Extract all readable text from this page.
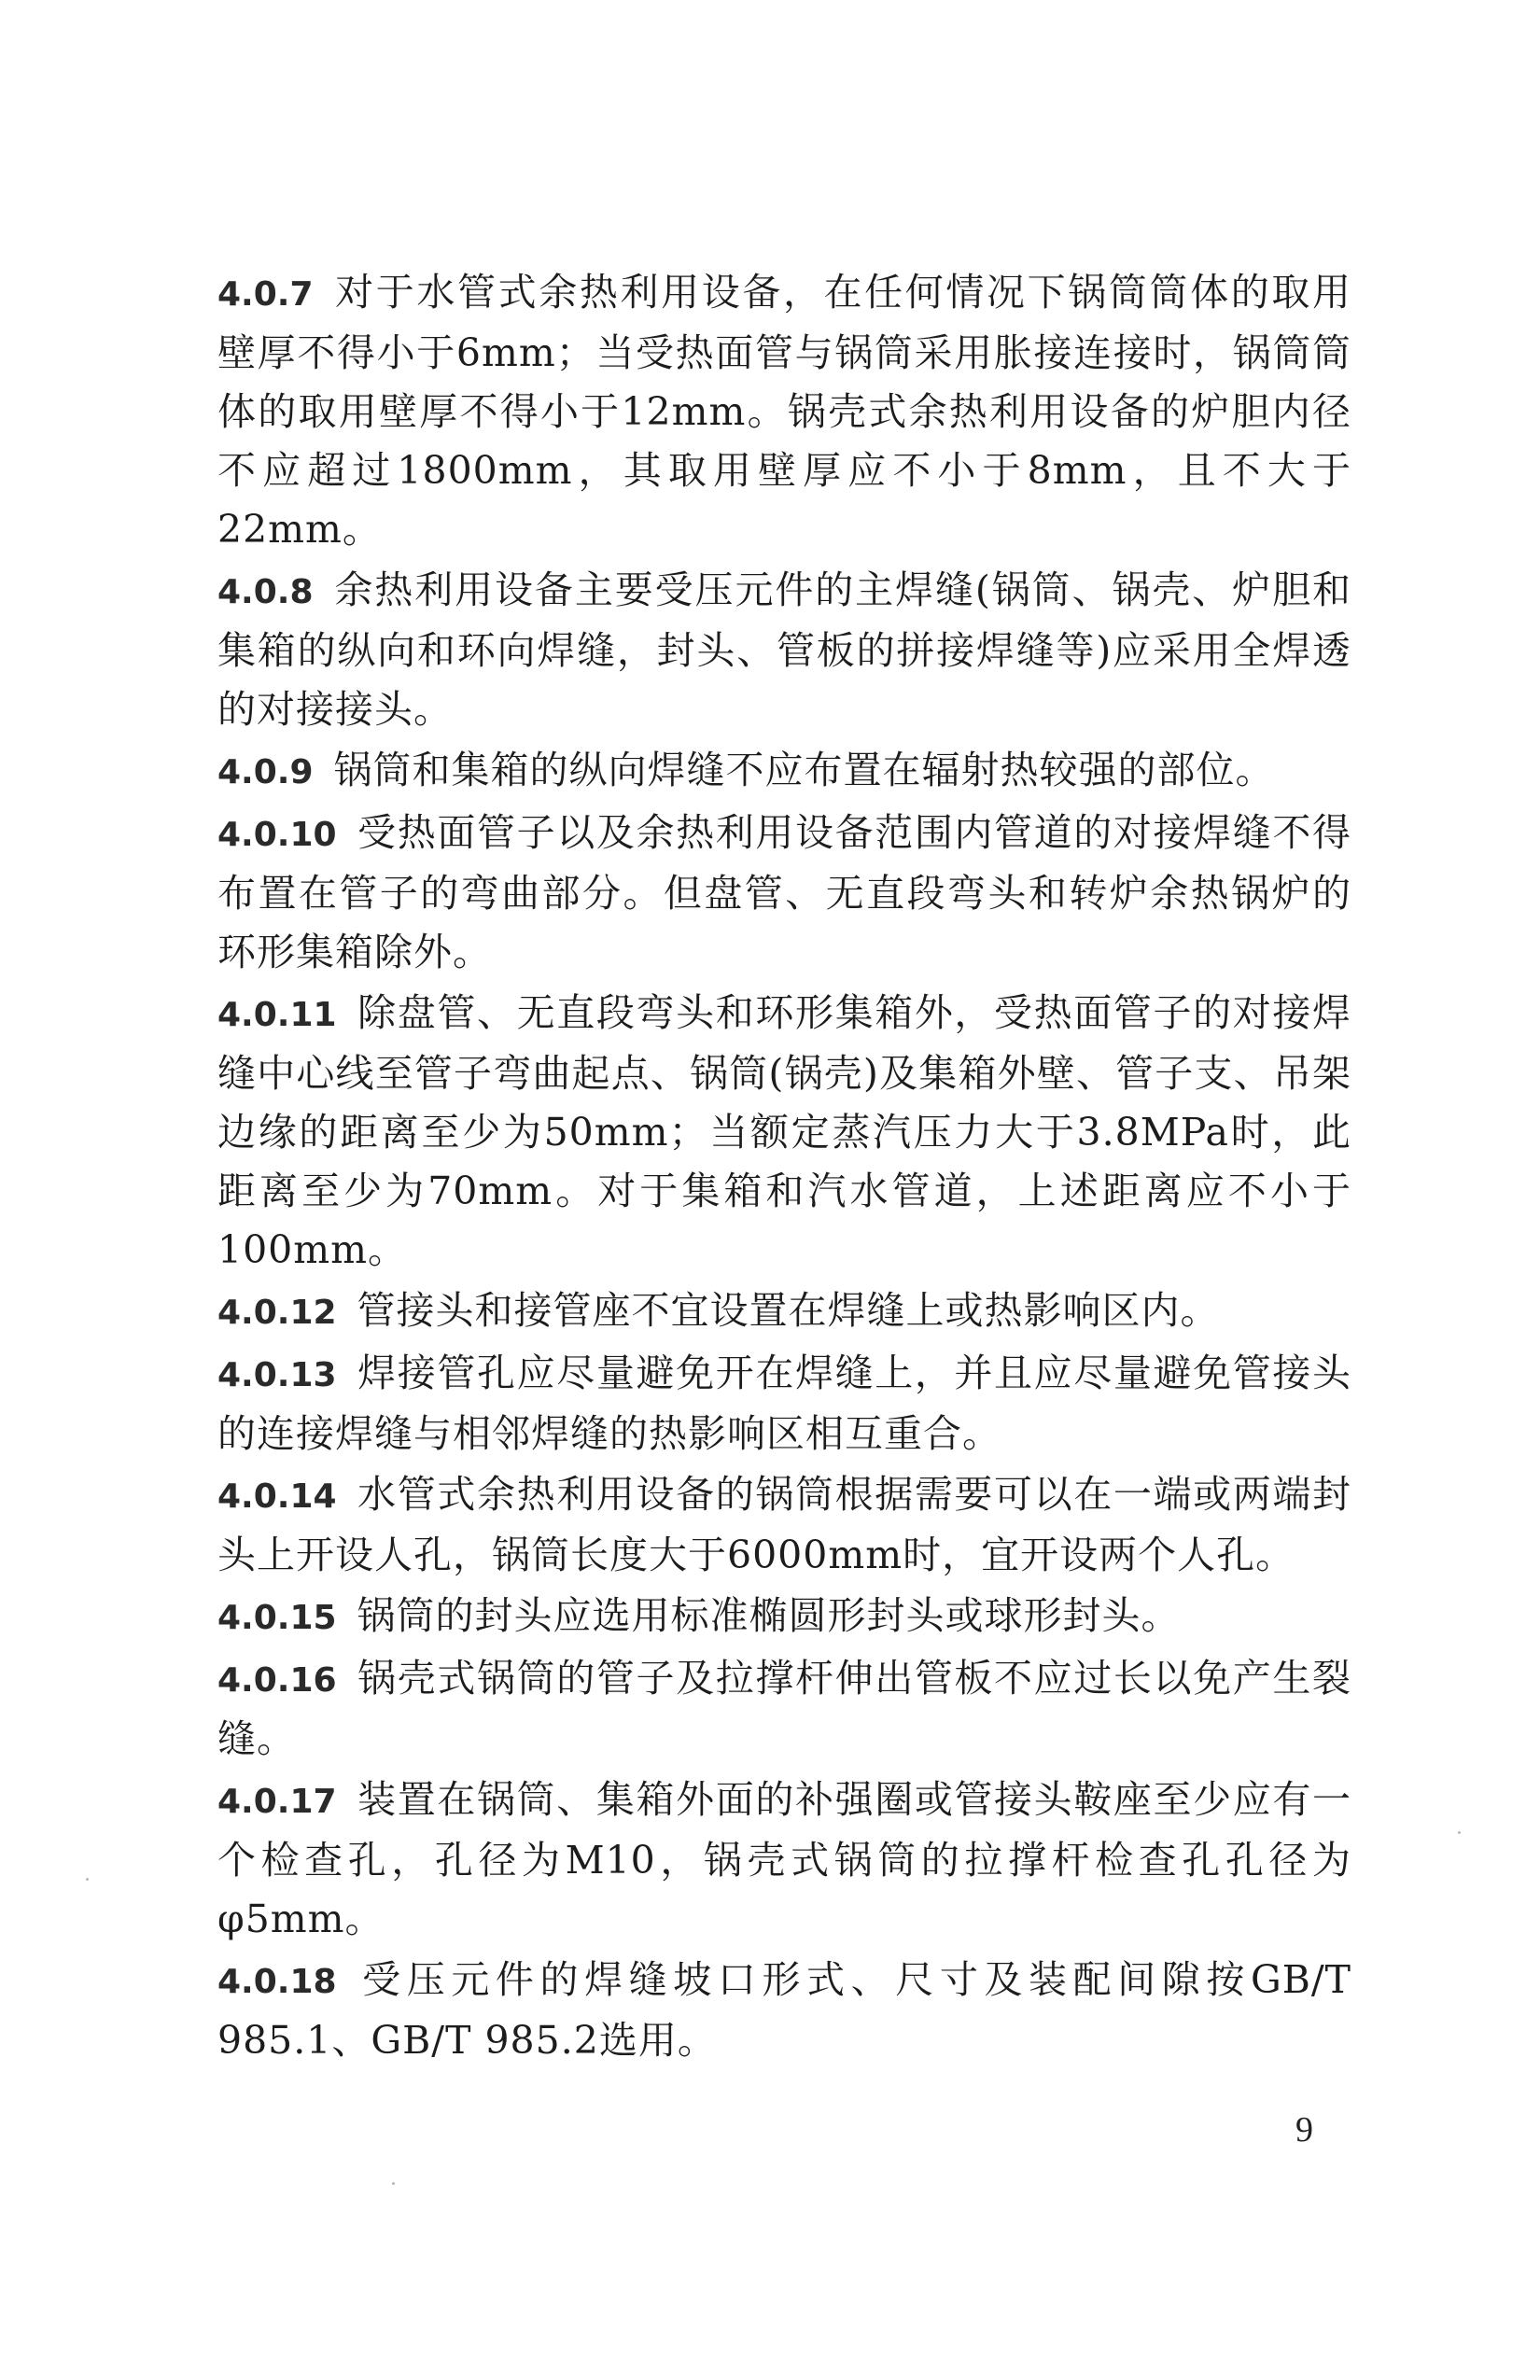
4.0.7 对于水管式余热利用设备，在任何情况下锅筒筒体的取用壁厚不得小于6mm；当受热面管与锅筒采用胀接连接时，锅筒筒体的取用壁厚不得小于12mm。锅壳式余热利用设备的炉胆内径不应超过1800mm，其取用壁厚应不小于8mm，且不大于22mm。

4.0.8 余热利用设备主要受压元件的主焊缝(锅筒、锅壳、炉胆和集箱的纵向和环向焊缝，封头、管板的拼接焊缝等)应采用全焊透的对接接头。

4.0.9 锅筒和集箱的纵向焊缝不应布置在辐射热较强的部位。

4.0.10 受热面管子以及余热利用设备范围内管道的对接焊缝不得布置在管子的弯曲部分。但盘管、无直段弯头和转炉余热锅炉的环形集箱除外。

4.0.11 除盘管、无直段弯头和环形集箱外，受热面管子的对接焊缝中心线至管子弯曲起点、锅筒(锅壳)及集箱外壁、管子支、吊架边缘的距离至少为50mm；当额定蒸汽压力大于3.8MPa时，此距离至少为70mm。对于集箱和汽水管道，上述距离应不小于100mm。

4.0.12 管接头和接管座不宜设置在焊缝上或热影响区内。

4.0.13 焊接管孔应尽量避免开在焊缝上，并且应尽量避免管接头的连接焊缝与相邻焊缝的热影响区相互重合。

4.0.14 水管式余热利用设备的锅筒根据需要可以在一端或两端封头上开设人孔，锅筒长度大于6000mm时，宜开设两个人孔。

4.0.15 锅筒的封头应选用标准椭圆形封头或球形封头。

4.0.16 锅壳式锅筒的管子及拉撑杆伸出管板不应过长以免产生裂缝。

4.0.17 装置在锅筒、集箱外面的补强圈或管接头鞍座至少应有一个检查孔，孔径为M10，锅壳式锅筒的拉撑杆检查孔孔径为φ5mm。

4.0.18 受压元件的焊缝坡口形式、尺寸及装配间隙按GB/T 985.1、GB/T 985.2选用。

9
